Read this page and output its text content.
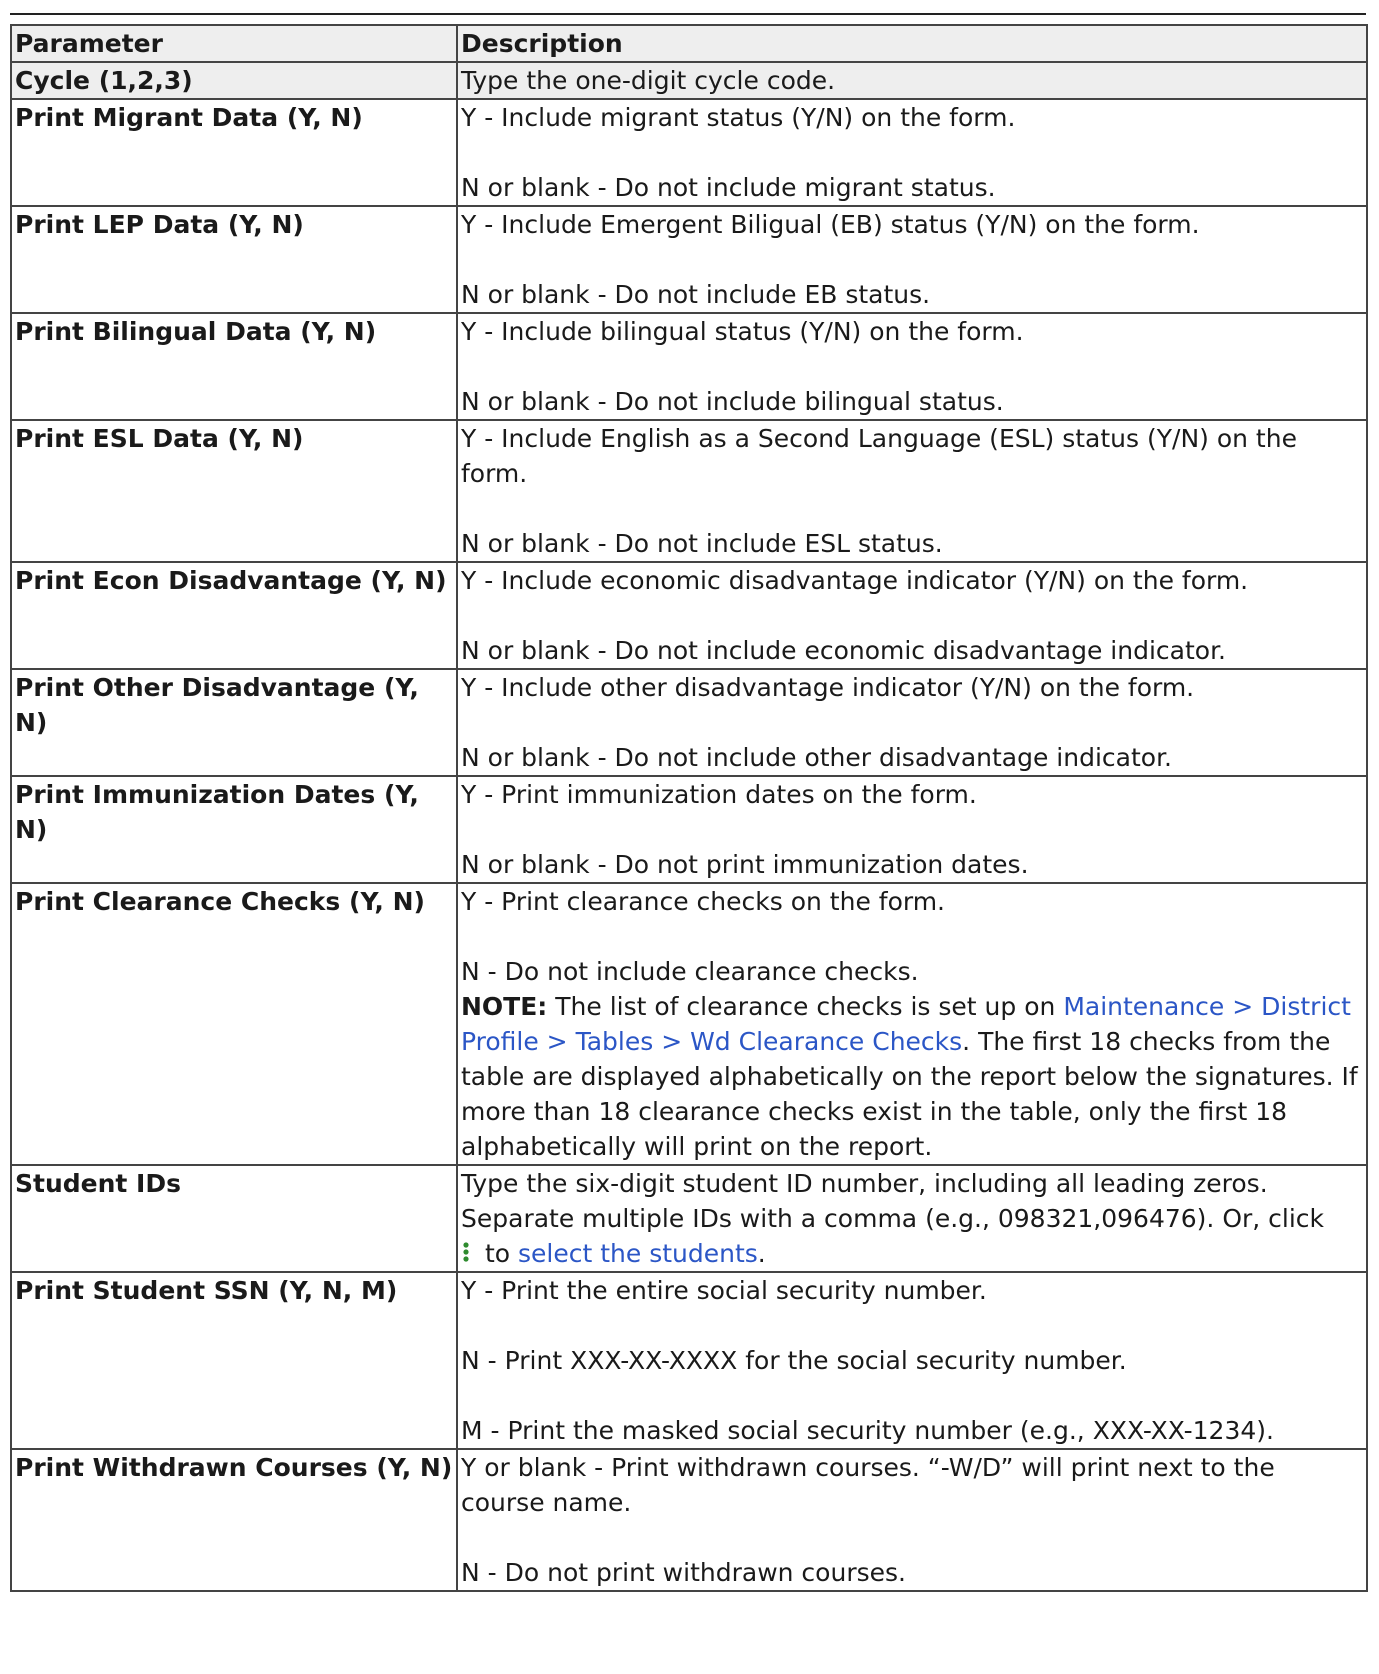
Parameter	Description
Cycle (1,2,3)	Type the one-digit cycle code.

Print Migrant Data (Y, N)	Y - Include migrant status (Y/N) on the form.
N or blank - Do not include migrant status.

Print LEP Data (Y, N)	Y - Include Emergent Biligual (EB) status (Y/N) on the form.
N or blank - Do not include EB status.

Print Bilingual Data (Y, N)	Y - Include bilingual status (Y/N) on the form.
N or blank - Do not include bilingual status.

Print ESL Data (Y, N)	Y - Include English as a Second Language (ESL) status (Y/N) on the form.
N or blank - Do not include ESL status.

Print Econ Disadvantage (Y, N)	Y - Include economic disadvantage indicator (Y/N) on the form.
N or blank - Do not include economic disadvantage indicator.

Print Other Disadvantage (Y, N)	Y - Include other disadvantage indicator (Y/N) on the form.
N or blank - Do not include other disadvantage indicator.

Print Immunization Dates (Y, N)	Y - Print immunization dates on the form.
N or blank - Do not print immunization dates.

Print Clearance Checks (Y, N)	Y - Print clearance checks on the form.
N - Do not include clearance checks.
NOTE: The list of clearance checks is set up on Maintenance > District Profile > Tables > Wd Clearance Checks. The first 18 checks from the table are displayed alphabetically on the report below the signatures. If more than 18 clearance checks exist in the table, only the first 18 alphabetically will print on the report.

Student IDs	Type the six-digit student ID number, including all leading zeros. Separate multiple IDs with a comma (e.g., 098321,096476). Or, click
to select the students.
Print Student SSN (Y, N, M)	Y - Print the entire social security number.
N - Print XXX-XX-XXXX for the social security number.
M - Print the masked social security number (e.g., XXX-XX-1234).

Print Withdrawn Courses (Y, N)	Y or blank - Print withdrawn courses. “-W/D” will print next to the course name.
N - Do not print withdrawn courses.
